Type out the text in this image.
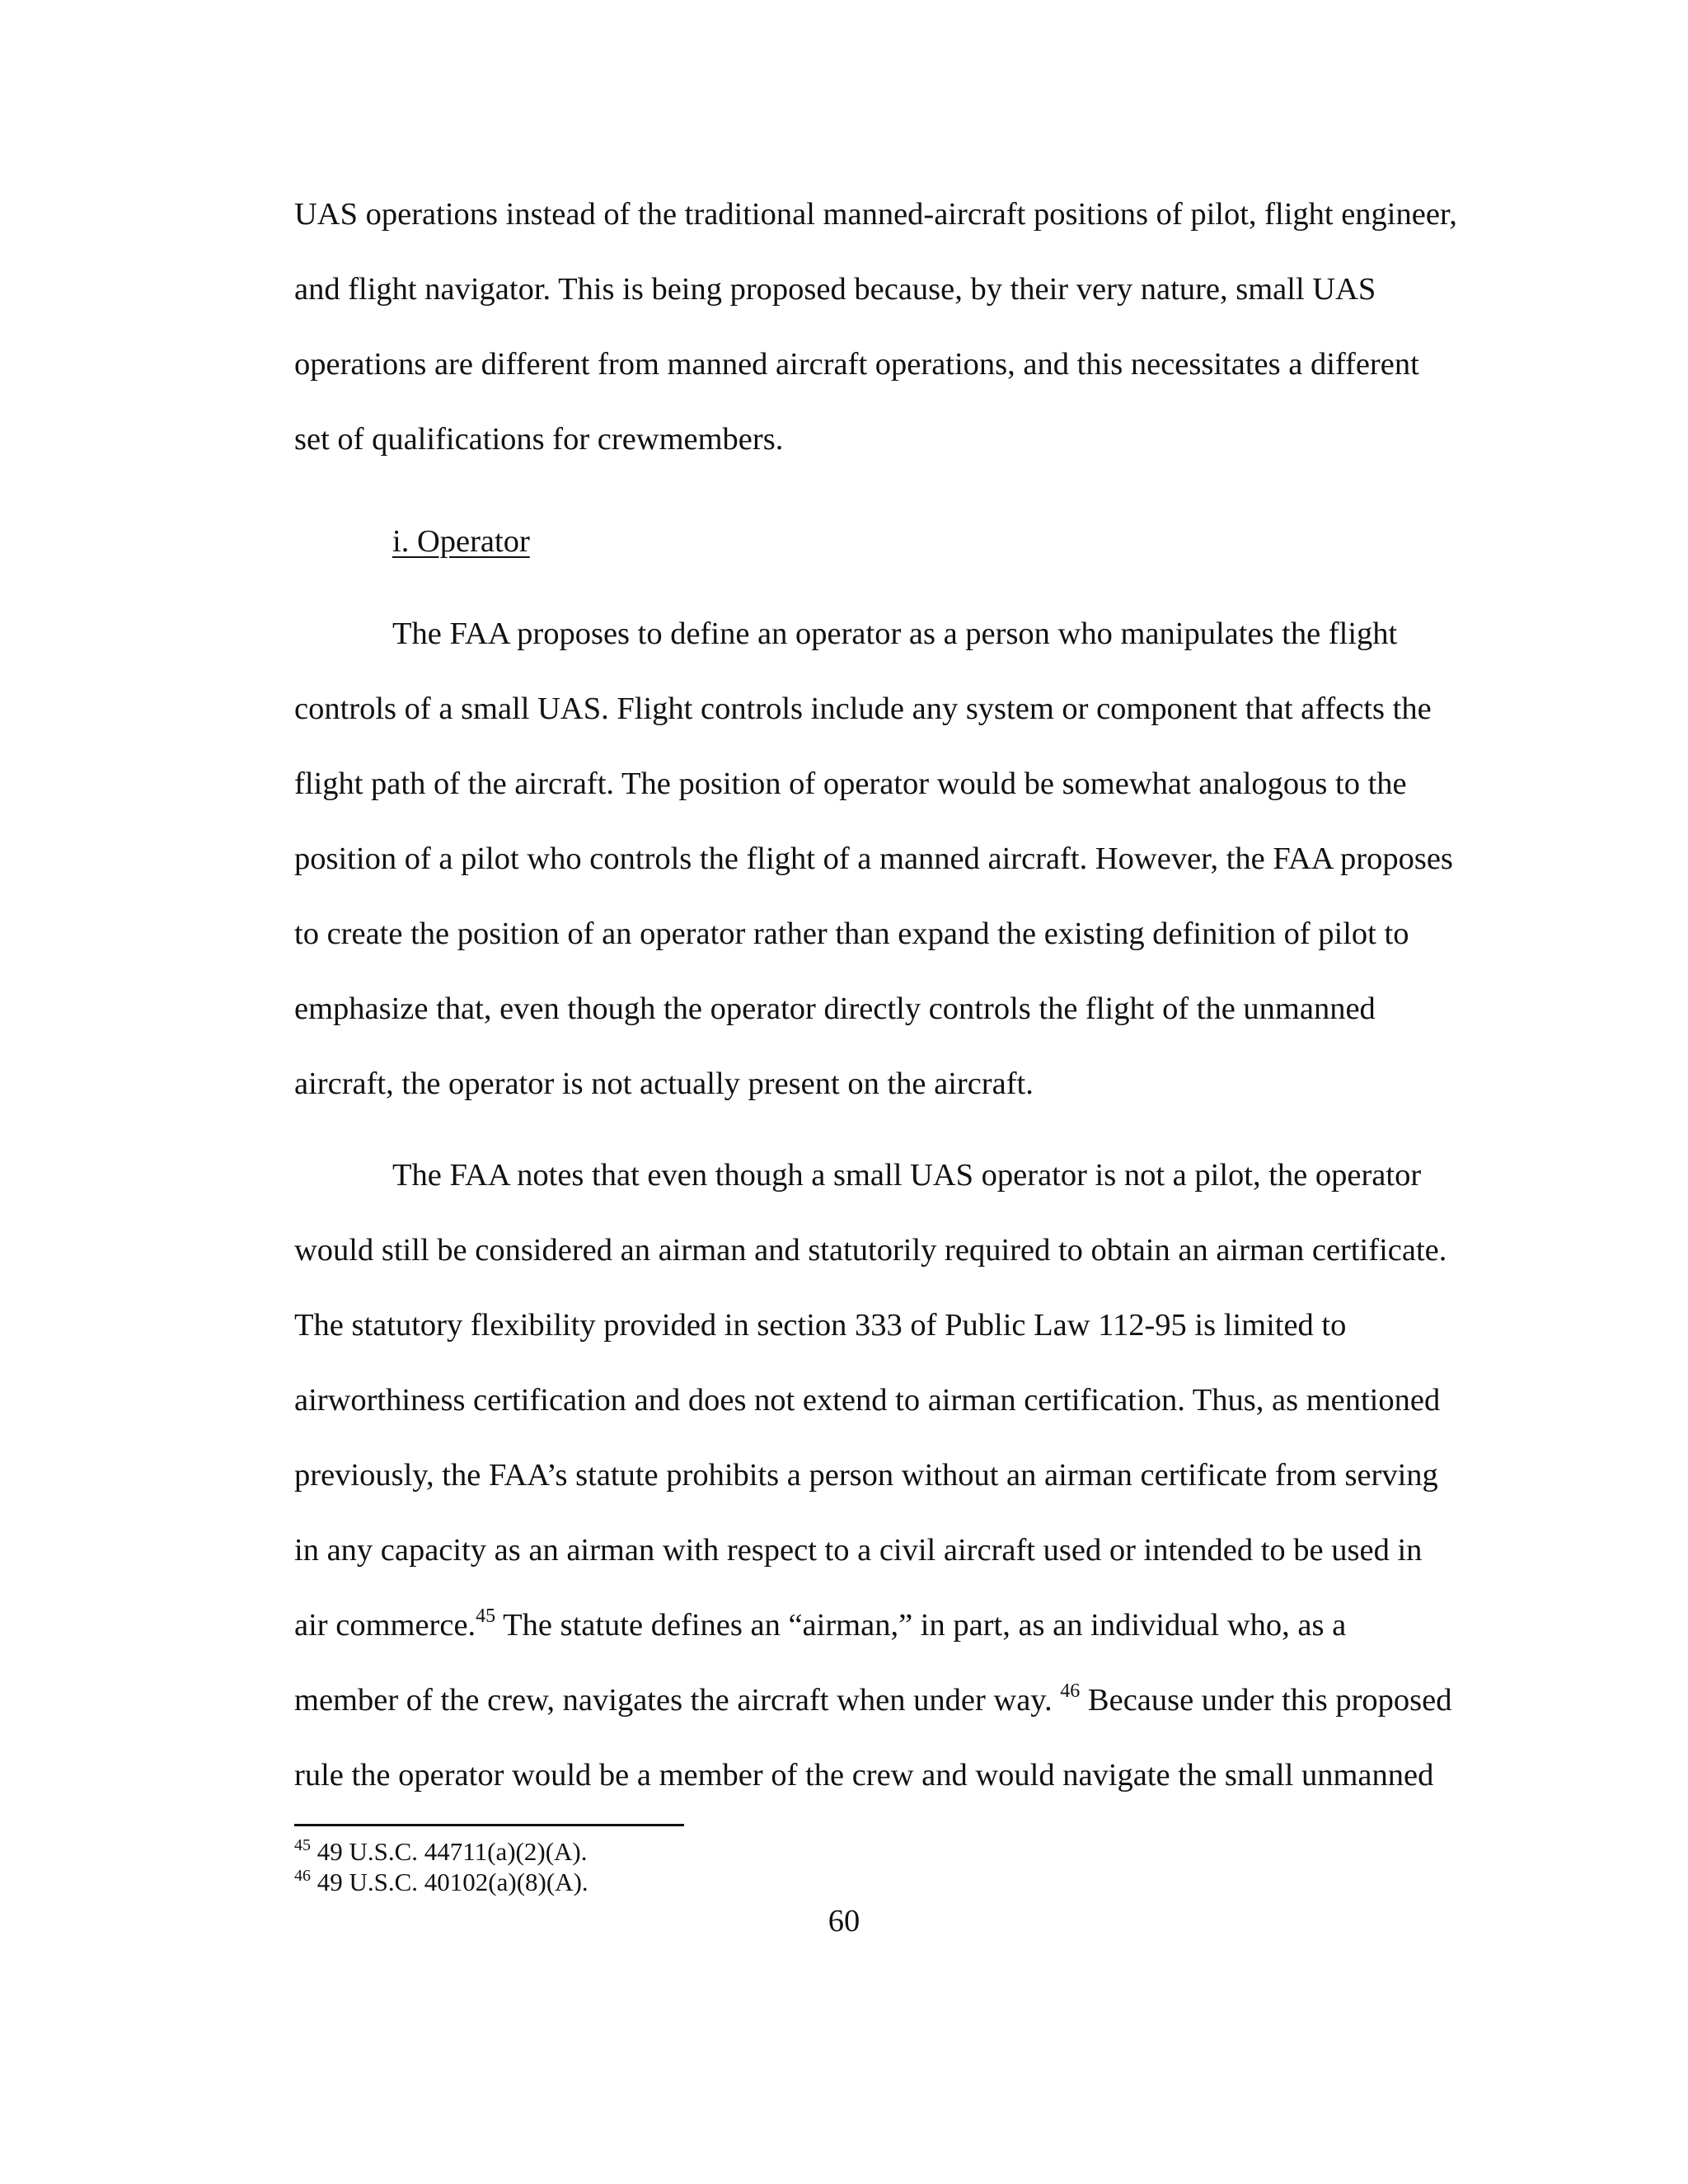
UAS operations instead of the traditional manned-aircraft positions of pilot, flight engineer,
and flight navigator. This is being proposed because, by their very nature, small UAS
operations are different from manned aircraft operations, and this necessitates a different
set of qualifications for crewmembers.
i. Operator
The FAA proposes to define an operator as a person who manipulates the flight
controls of a small UAS. Flight controls include any system or component that affects the
flight path of the aircraft. The position of operator would be somewhat analogous to the
position of a pilot who controls the flight of a manned aircraft. However, the FAA proposes
to create the position of an operator rather than expand the existing definition of pilot to
emphasize that, even though the operator directly controls the flight of the unmanned
aircraft, the operator is not actually present on the aircraft.
The FAA notes that even though a small UAS operator is not a pilot, the operator
would still be considered an airman and statutorily required to obtain an airman certificate.
The statutory flexibility provided in section 333 of Public Law 112-95 is limited to
airworthiness certification and does not extend to airman certification. Thus, as mentioned
previously, the FAA’s statute prohibits a person without an airman certificate from serving
in any capacity as an airman with respect to a civil aircraft used or intended to be used in
air commerce.$^{45}$ The statute defines an “airman,” in part, as an individual who, as a
member of the crew, navigates the aircraft when under way. $^{46}$ Because under this proposed
rule the operator would be a member of the crew and would navigate the small unmanned
$^{45}$ 49 U.S.C. 44711(a)(2)(A).
$^{46}$ 49 U.S.C. 40102(a)(8)(A).
60
